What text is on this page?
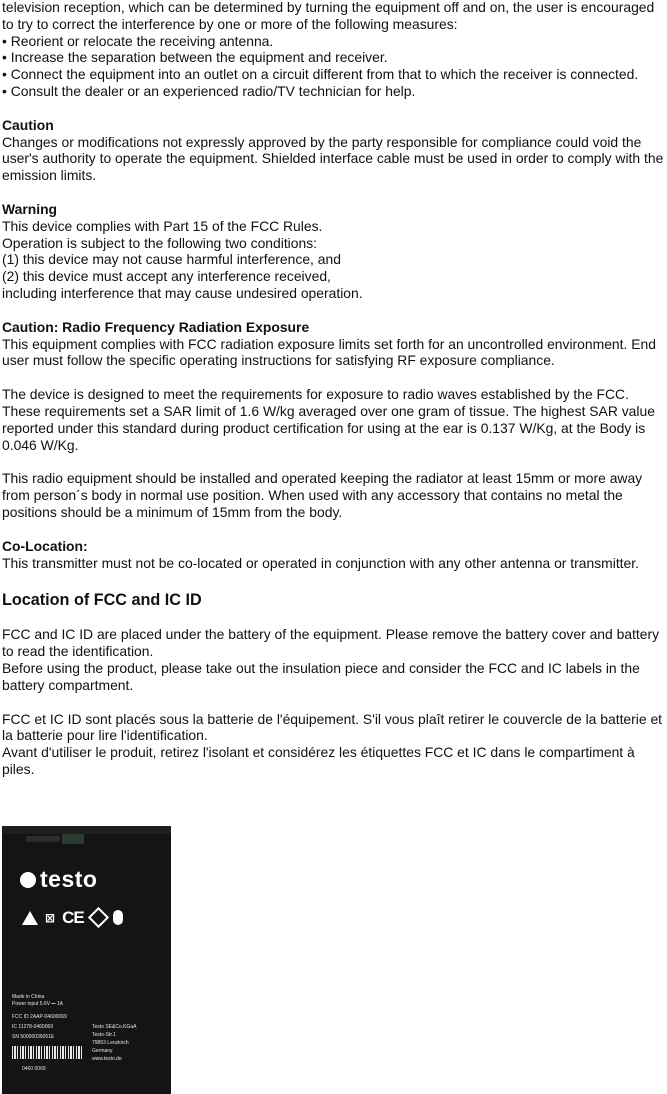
television reception, which can be determined by turning the equipment off and on, the user is encouraged to try to correct the interference by one or more of the following measures:

• Reorient or relocate the receiving antenna.

• Increase the separation between the equipment and receiver.

• Connect the equipment into an outlet on a circuit different from that to which the receiver is connected.

• Consult the dealer or an experienced radio/TV technician for help.

Caution

Changes or modifications not expressly approved by the party responsible for compliance could void the user's authority to operate the equipment. Shielded interface cable must be used in order to comply with the emission limits.

Warning

This device complies with Part 15 of the FCC Rules.

Operation is subject to the following two conditions:

(1) this device may not cause harmful interference, and

(2) this device must accept any interference received,

including interference that may cause undesired operation.

Caution: Radio Frequency Radiation Exposure

This equipment complies with FCC radiation exposure limits set forth for an uncontrolled environment. End user must follow the specific operating instructions for satisfying RF exposure compliance.

The device is designed to meet the requirements for exposure to radio waves established by the FCC. These requirements set a SAR limit of 1.6 W/kg averaged over one gram of tissue. The highest SAR value reported under this standard during product certification for using at the ear is 0.137 W/Kg, at the Body is 0.046 W/Kg.

This radio equipment should be installed and operated keeping the radiator at least 15mm or more away from person´s body in normal use position. When used with any accessory that contains no metal the positions should be a minimum of 15mm from the body.

Co-Location:

This transmitter must not be co-located or operated in conjunction with any other antenna or transmitter.

Location of FCC and IC ID

FCC and IC ID are placed under the battery of the equipment. Please remove the battery cover and battery to read the identification.

Before using the product, please take out the insulation piece and consider the FCC and IC labels in the battery compartment.

FCC et IC ID sont placés sous la batterie de l'équipement. S'il vous plaît retirer le couvercle de la batterie et la batterie pour lire l'identification.

Avant d'utiliser le produit, retirez l'isolant et considérez les étiquettes FCC et IC dans le compartiment à piles.

testo
⊠ CE
Made in China
Power input 5.6V ⎓ 1A
FCC ID 2AAP-04600069
IC 11278-0460069
SN 50000039051E
0460 0069
Testo SE&Co.KGaA
Testo-Str.1
79853 Lenzkirch
Germany
www.testo.de
